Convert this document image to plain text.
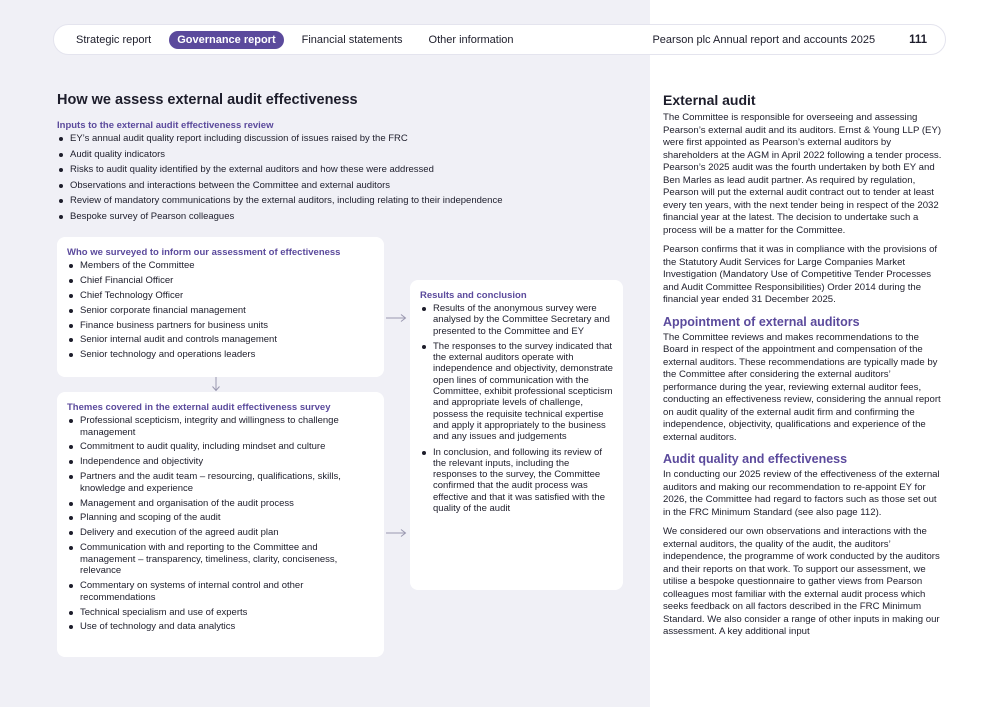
Strategic report	Governance report	Financial statements	Other information	Pearson plc Annual report and accounts 2025	111
How we assess external audit effectiveness
Inputs to the external audit effectiveness review
EY’s annual audit quality report including discussion of issues raised by the FRC
Audit quality indicators
Risks to audit quality identified by the external auditors and how these were addressed
Observations and interactions between the Committee and external auditors
Review of mandatory communications by the external auditors, including relating to their independence
Bespoke survey of Pearson colleagues
Who we surveyed to inform our assessment of effectiveness
Members of the Committee
Chief Financial Officer
Chief Technology Officer
Senior corporate financial management
Finance business partners for business units
Senior internal audit and controls management
Senior technology and operations leaders
Themes covered in the external audit effectiveness survey
Professional scepticism, integrity and willingness to challenge management
Commitment to audit quality, including mindset and culture
Independence and objectivity
Partners and the audit team – resourcing, qualifications, skills, knowledge and experience
Management and organisation of the audit process
Planning and scoping of the audit
Delivery and execution of the agreed audit plan
Communication with and reporting to the Committee and management – transparency, timeliness, clarity, conciseness, relevance
Commentary on systems of internal control and other recommendations
Technical specialism and use of experts
Use of technology and data analytics
Results and conclusion
Results of the anonymous survey were analysed by the Committee Secretary and presented to the Committee and EY
The responses to the survey indicated that the external auditors operate with independence and objectivity, demonstrate open lines of communication with the Committee, exhibit professional scepticism and appropriate levels of challenge, possess the requisite technical expertise and apply it appropriately to the business and any issues and judgements
In conclusion, and following its review of the relevant inputs, including the responses to the survey, the Committee confirmed that the audit process was effective and that it was satisfied with the quality of the audit
External audit

The Committee is responsible for overseeing and assessing Pearson’s external audit and its auditors. Ernst & Young LLP (EY) were first appointed as Pearson’s external auditors by shareholders at the AGM in April 2022 following a tender process. Pearson’s 2025 audit was the fourth undertaken by both EY and Ben Marles as lead audit partner. As required by regulation, Pearson will put the external audit contract out to tender at least every ten years, with the next tender being in respect of the 2032 financial year at the latest. The decision to undertake such a process will be a matter for the Committee.

Pearson confirms that it was in compliance with the provisions of the Statutory Audit Services for Large Companies Market Investigation (Mandatory Use of Competitive Tender Processes and Audit Committee Responsibilities) Order 2014 during the financial year ended 31 December 2025.

Appointment of external auditors

The Committee reviews and makes recommendations to the Board in respect of the appointment and compensation of the external auditors. These recommendations are typically made by the Committee after considering the external auditors’ performance during the year, reviewing external auditor fees, conducting an effectiveness review, considering the annual report on audit quality of the external audit firm and confirming the independence, objectivity, qualifications and experience of the external auditors.

Audit quality and effectiveness

In conducting our 2025 review of the effectiveness of the external auditors and making our recommendation to re-appoint EY for 2026, the Committee had regard to factors such as those set out in the FRC Minimum Standard (see also page 112).

We considered our own observations and interactions with the external auditors, the quality of the audit, the auditors’ independence, the programme of work conducted by the auditors and their reports on that work. To support our assessment, we utilise a bespoke questionnaire to gather views from Pearson colleagues most familiar with the external audit process which seeks feedback on all factors described in the FRC Minimum Standard. We also consider a range of other inputs in making our assessment. A key additional input
